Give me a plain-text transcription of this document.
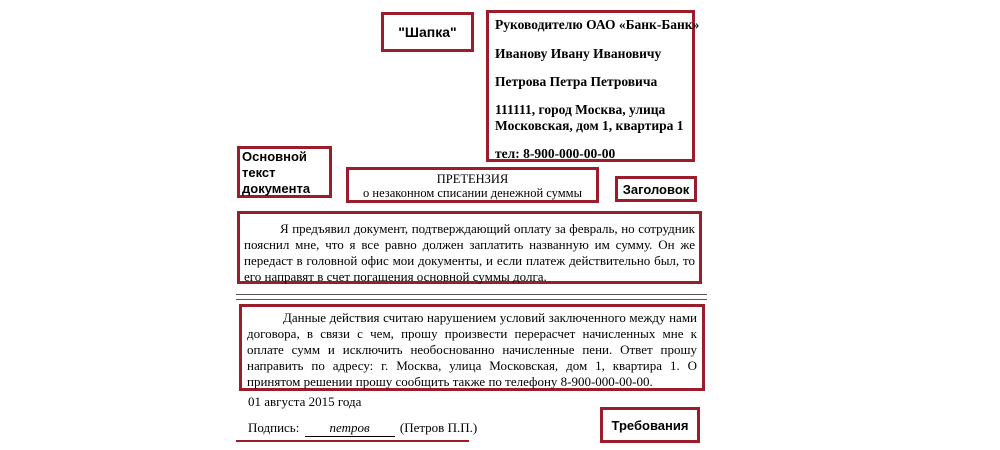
"Шапка"	Руководителю ОАО «Банк-Банк»
Иванову Ивану Ивановичу
Петрова Петра Петровича
111111, город Москва, улица
Московская, дом 1, квартира 1
тел: 8-900-000-00-00
Основной текст документа
ПРЕТЕНЗИЯ
о незаконном списании денежной суммы	Заголовок

Я предъявил документ, подтверждающий оплату за февраль, но сотрудник пояснил мне, что я все равно должен заплатить названную им сумму. Он же передаст в головной офис мои документы, и если платеж действительно был, то его направят в счет погашения основной суммы долга.

Данные действия считаю нарушением условий заключенного между нами договора, в связи с чем, прошу произвести перерасчет начисленных мне к оплате сумм и исключить необоснованно начисленные пени. Ответ прошу направить по адресу: г. Москва, улица Московская, дом 1, квартира 1. О принятом решении прошу сообщить также по телефону 8-900-000-00-00.

01 августа 2015 года
Требования
Подпись: петров (Петров П.П.)
